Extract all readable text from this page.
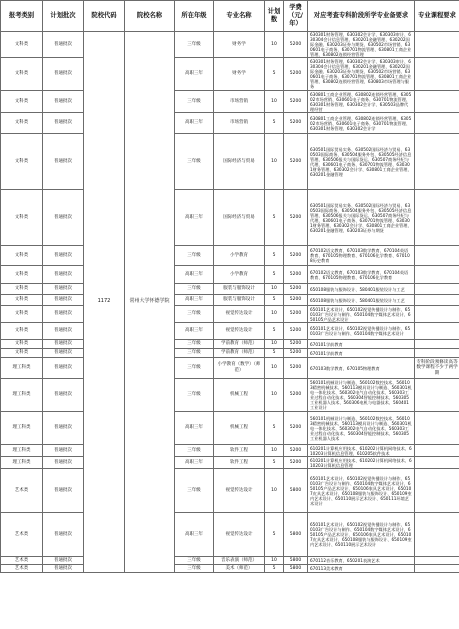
报考类别	计划批次	院校代码	院校名称	所在年级	专业名称	计划数	学费（元/年）	对应考查专科阶段所学专业备要求	专业课程要求
文科类	普通批次	1172	常州大学怀德学院	三年级	财务学	10	5200	630301财务管理、630302会计学、630303审计、630304会计信息管理、630201金融管理、630202国际金融、630203证券与期货、630502市场营销、630601电子商务、630701物流管理、630801工商企业管理、630802连锁经营管理	
文科类	普通批次			高职三年	财务学	5	5200	630301财务管理、630302会计学、630303审计、630304会计信息管理、630201金融管理、630202国际金融、630203证券与期货、630502市场营销、630601电子商务、630701物流管理、630801工商企业管理、630802连锁经营管理、630803市场管理与服务	
文科类	普通批次			三年级	市场营销	10	5200	630801工商企业管理、630802连锁经营管理、630502市场营销、630601电子商务、630701物流管理、630301财务管理、630302会计学、630503品牌代理经营	
文科类	普通批次			高职三年	市场营销	5	5200	630801工商企业管理、630802连锁经营管理、630502市场营销、630601电子商务、630701物流管理、630301财务管理、630302会计学	
文科类	普通批次			三年级	国际经济与贸易	10	5200	630501国际贸易实务、630502国际经济与贸易、630503国际商务、630504服务外包、630505经济信息管理、630506报关与国际货运、630507商务经纪与代理、630601电子商务、630701物流管理、630301财务管理、630302会计学、630801工商企业管理、630201金融管理	
文科类	普通批次			高职三年	国际经济与贸易	5	5200	630501国际贸易实务、630502国际经济与贸易、630503国际商务、630504服务外包、630505经济信息管理、630506报关与国际货运、630507商务经纪与代理、630601电子商务、630701物流管理、630301财务管理、630302会计学、630801工商企业管理、630201金融管理、630203证券与期货	
文科类	普通批次			三年级	小学教育	5	5200	670102语文教育、670103数学教育、670104英语教育、670105物理教育、670106化学教育、670108历史教育	
文科类	普通批次			高职三年	小学教育	5	5200	670102语文教育、670103数学教育、670104英语教育、670105物理教育、670106化学教育	
文科类	普通批次			三年级	服装与服饰设计	10	5200	650108服装与服饰设计、580401服装设计与工艺	
文科类	普通批次			高职三年	服装与服饰设计	5	5200	650108服装与服饰设计、580401服装设计与工艺	
文科类	普通批次			三年级	视觉传达设计	10	5200	650101艺术设计、650102视觉传播设计与制作、650103广告设计与制作、650104数字媒体艺术设计、650105产品艺术设计	
文科类	普通批次			高职三年	视觉传达设计	5	5200	650101艺术设计、650102视觉传播设计与制作、650103广告设计与制作、650104数字媒体艺术设计	
文科类	普通批次			三年级	学前教育（师范）	10	5200	670101学前教育	
文科类	普通批次			三年级	学前教育（师范）	5	5200	670101学前教育	
理工科类	普通批次			三年级	小学教育（数学）（师范）	10	5200	670103数学教育、670105物理教育	专科阶段须修读高等数学课程不少于两学期
理工科类	普通批次			三年级	机械工程	10	5200	560101机械设计与制造、560102数控技术、560103精密机械技术、560113模具设计与制造、560301机电一体化技术、560302电气自动化技术、560303工业过程自动化技术、560304智能控制技术、560305工业机器人技术、560306电机与电器技术、560401工业设计	
理工科类	普通批次			高职三年	机械工程	5	5200	560101机械设计与制造、560102数控技术、560103精密机械技术、560113模具设计与制造、560301机电一体化技术、560302电气自动化技术、560303工业过程自动化技术、560304智能控制技术、560305工业机器人技术	
理工科类	普通批次			三年级	软件工程	10	5200	610201计算机应用技术、610202计算机网络技术、610203计算机信息管理、610205软件技术	
理工科类	普通批次			高职三年	软件工程	5	5200	610201计算机应用技术、610202计算机网络技术、610203计算机信息管理	
艺术类	普通批次			三年级	视觉传达设计	10	5800	650101艺术设计、650102视觉传播设计与制作、650103广告设计与制作、650104数字媒体艺术设计、650105产品艺术设计、650106家具艺术设计、650107皮具艺术设计、650108服装与服饰设计、650109室内艺术设计、650110展示艺术设计、650111环境艺术设计	
艺术类	普通批次			高职三年	视觉传达设计	5	5800	650101艺术设计、650102视觉传播设计与制作、650103广告设计与制作、650104数字媒体艺术设计、650105产品艺术设计、650106家具艺术设计、650107皮具艺术设计、650108服装与服饰设计、650109室内艺术设计、650110展示艺术设计	
艺术类	普通批次			三年级	音乐表演（师范）	10	5800	670112音乐教育、650201表演艺术	
艺术类	普通批次			三年级	美术（师范）	5	5800	670113美术教育	
